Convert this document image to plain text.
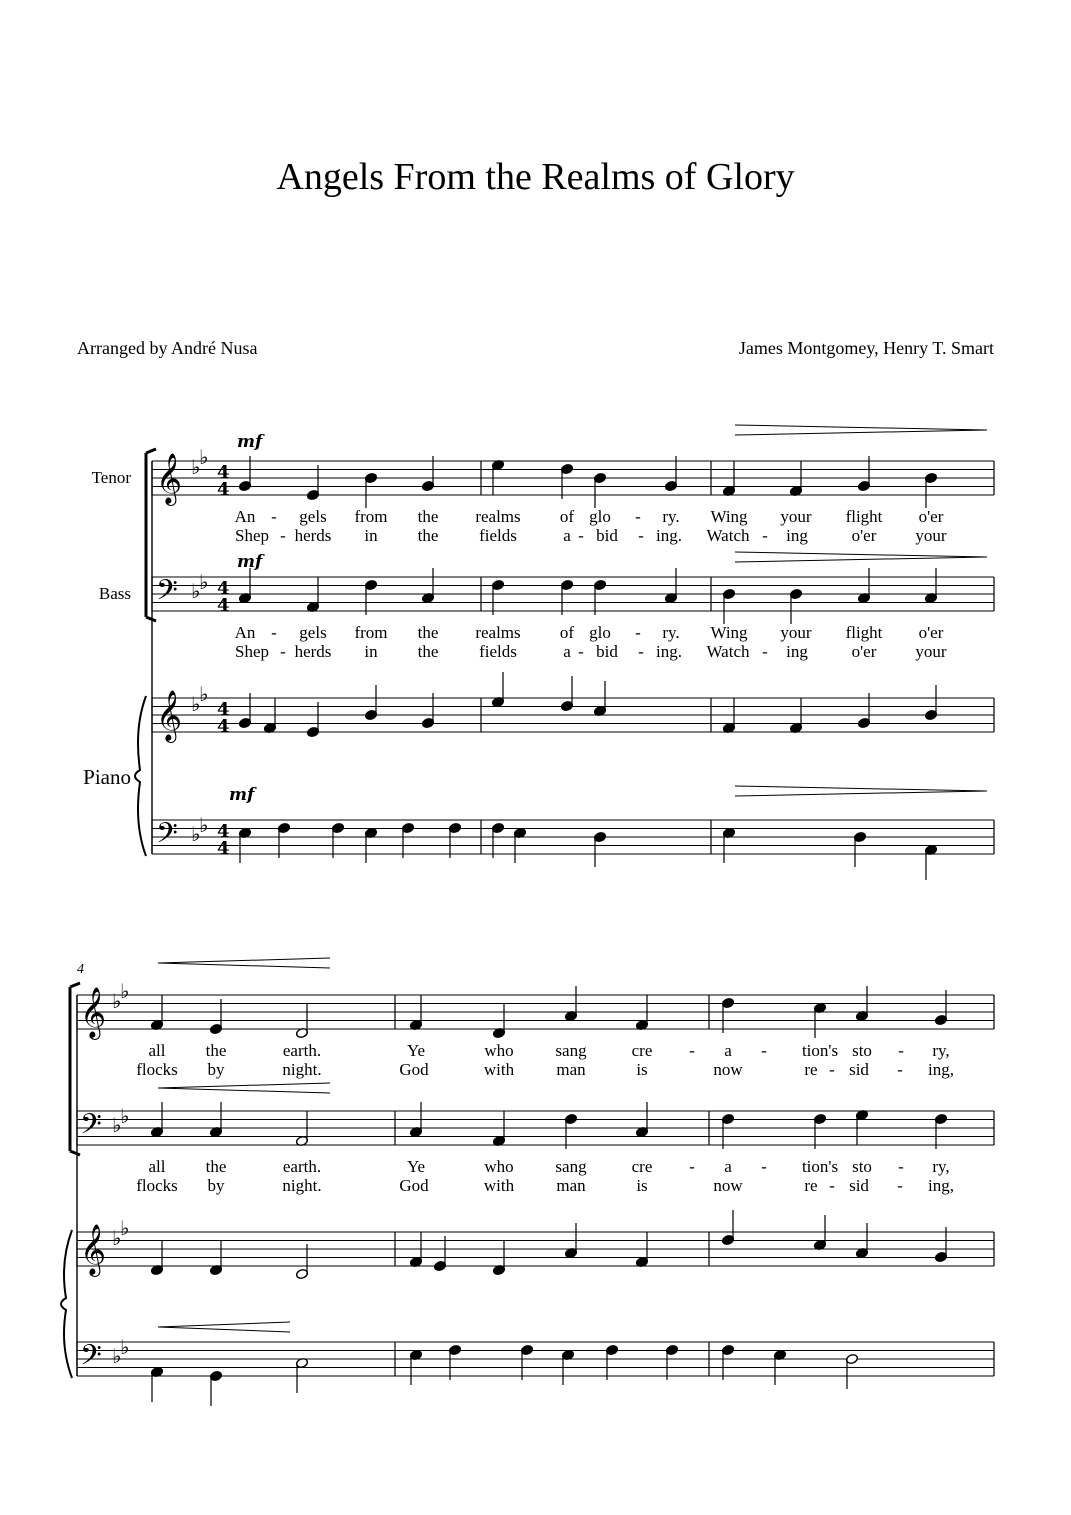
Angels From the Realms of Glory
Arranged by André Nusa	James Montgomey, Henry T. Smart
𝄞
𝄢
𝄞
𝄢
♭
♭
♭
♭
♭
♭
♭
♭
4
4
4
4
4
4
4
4
𝄞
𝄢
𝄞
𝄢
♭
♭
♭
♭
♭
♭
♭
♭
Tenor
Bass
Piano
mf
mf
mf
4
An - gels from the realms of glo - ry. Wing your flight o'er
Shep - herds in the fields	a - bid - ing. Watch - ing	o'er your
An - gels from the realms of glo - ry. Wing your flight o'er
Shep - herds in the fields	a - bid - ing. Watch - ing	o'er your
all the	earth.	Ye	who sang	cre - a - tion's sto - ry,
flocks by	night.	God	with man	is	now	re - sid - ing,
all the	earth.	Ye	who sang	cre - a - tion's sto - ry,
flocks by	night.	God	with man	is	now	re - sid - ing,
